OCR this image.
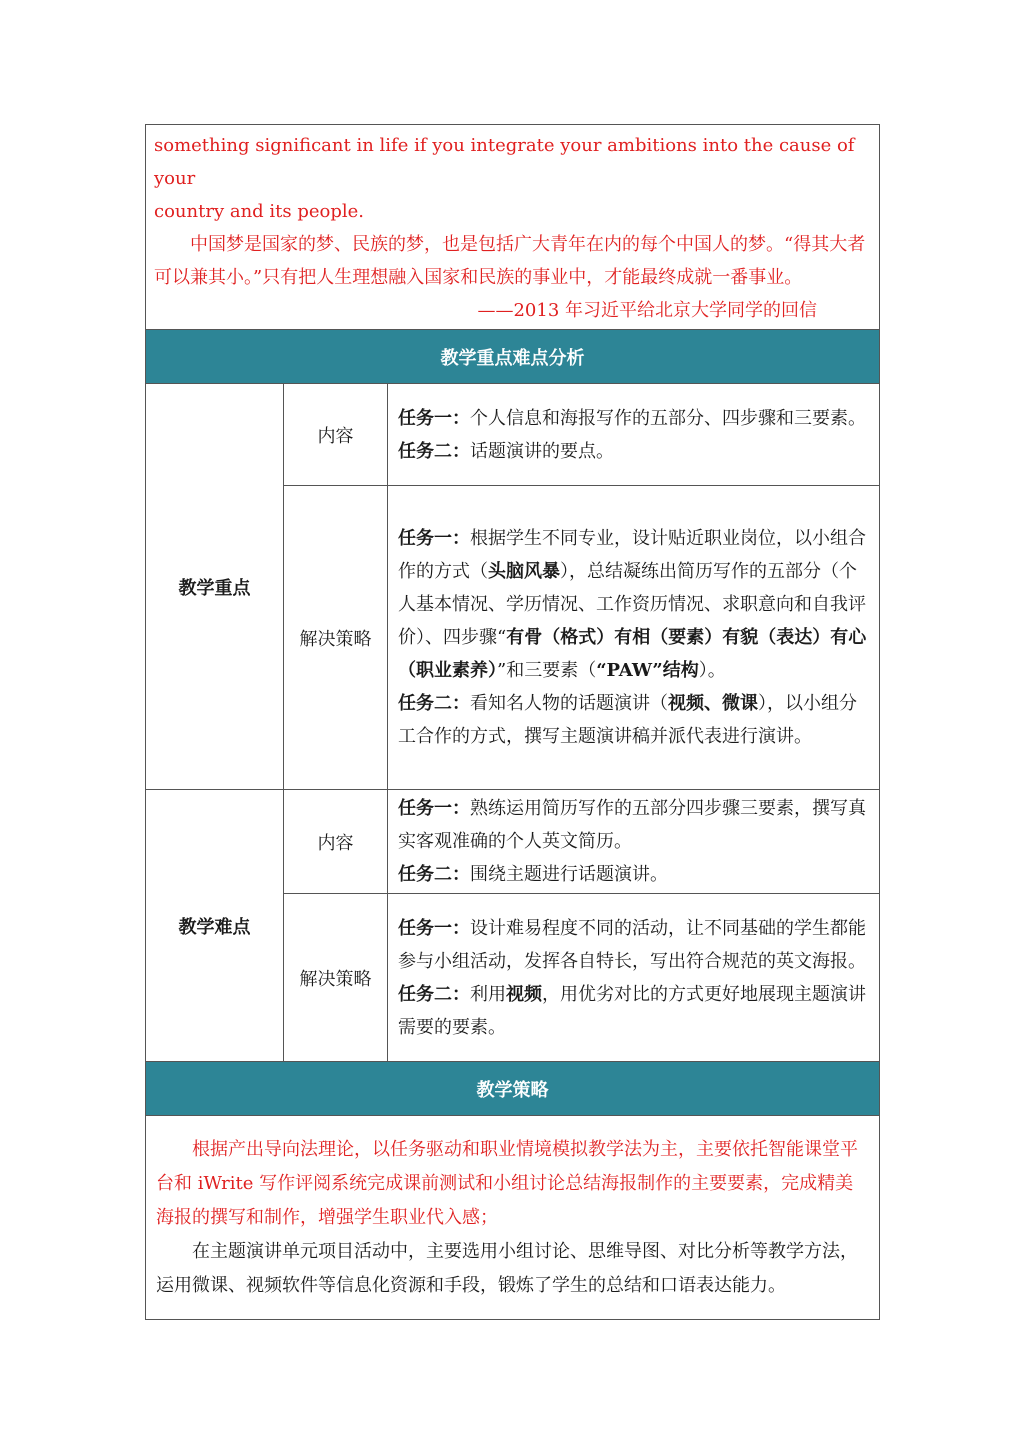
something significant in life if you integrate your ambitions into the cause of your

country and its people.

中国梦是国家的梦、民族的梦，也是包括广大青年在内的每个中国人的梦。“得其大者可以兼其小。”只有把人生理想融入国家和民族的事业中，才能最终成就一番事业。

——2013 年习近平给北京大学同学的回信		

教学重点难点分析		
教学重点	内容	任务一：个人信息和海报写作的五部分、四步骤和三要素。

任务二：话题演讲的要点。

	解决策略	任务一：根据学生不同专业，设计贴近职业岗位，以小组合作的方式（头脑风暴），总结凝练出简历写作的五部分（个人基本情况、学历情况、工作资历情况、求职意向和自我评价）、四步骤“有骨（格式）有相（要素）有貌（表达）有心（职业素养）”和三要素（“PAW”结构）。

任务二：看知名人物的话题演讲（视频、微课），以小组分工合作的方式，撰写主题演讲稿并派代表进行演讲。

教学难点	内容	任务一：熟练运用简历写作的五部分四步骤三要素，撰写真实客观准确的个人英文简历。

任务二：围绕主题进行话题演讲。

	解决策略	任务一：设计难易程度不同的活动，让不同基础的学生都能参与小组活动，发挥各自特长，写出符合规范的英文海报。

任务二：利用视频，用优劣对比的方式更好地展现主题演讲需要的要素。

教学策略		

根据产出导向法理论，以任务驱动和职业情境模拟教学法为主，主要依托智能课堂平台和 iWrite 写作评阅系统完成课前测试和小组讨论总结海报制作的主要要素，完成精美海报的撰写和制作，增强学生职业代入感；

在主题演讲单元项目活动中，主要选用小组讨论、思维导图、对比分析等教学方法，运用微课、视频软件等信息化资源和手段，锻炼了学生的总结和口语表达能力。		
